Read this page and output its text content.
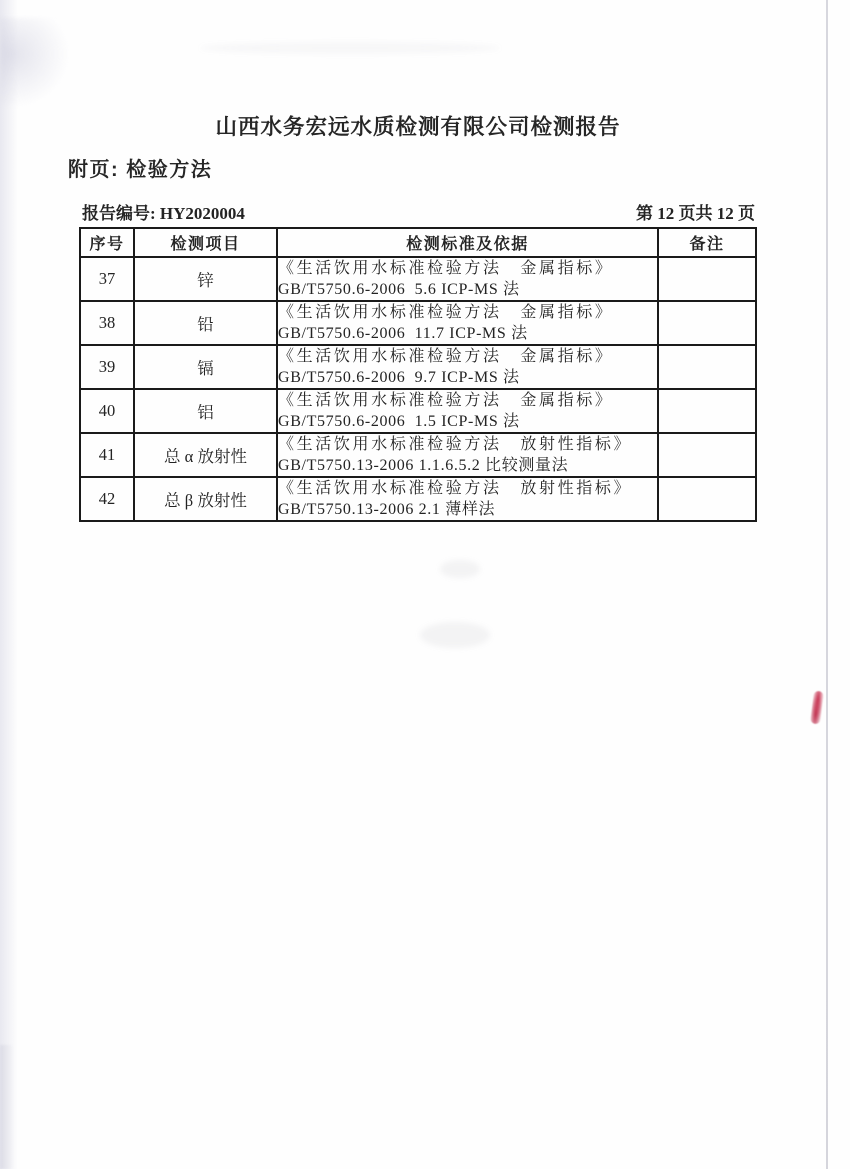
山西水务宏远水质检测有限公司检测报告
附页: 检验方法
报告编号: HY2020004	第 12 页共 12 页
序号	检测项目	检测标准及依据	备注
37	锌	《生活饮用水标准检验方法　金属指标》
GB/T5750.6-2006  5.6 ICP-MS 法	

38	铅	《生活饮用水标准检验方法　金属指标》
GB/T5750.6-2006  11.7 ICP-MS 法	

39	镉	《生活饮用水标准检验方法　金属指标》
GB/T5750.6-2006  9.7 ICP-MS 法	

40	铝	《生活饮用水标准检验方法　金属指标》
GB/T5750.6-2006  1.5 ICP-MS 法	

41	总 α 放射性	《生活饮用水标准检验方法　放射性指标》
GB/T5750.13-2006 1.1.6.5.2 比较测量法	

42	总 β 放射性	《生活饮用水标准检验方法　放射性指标》
GB/T5750.13-2006 2.1 薄样法	
